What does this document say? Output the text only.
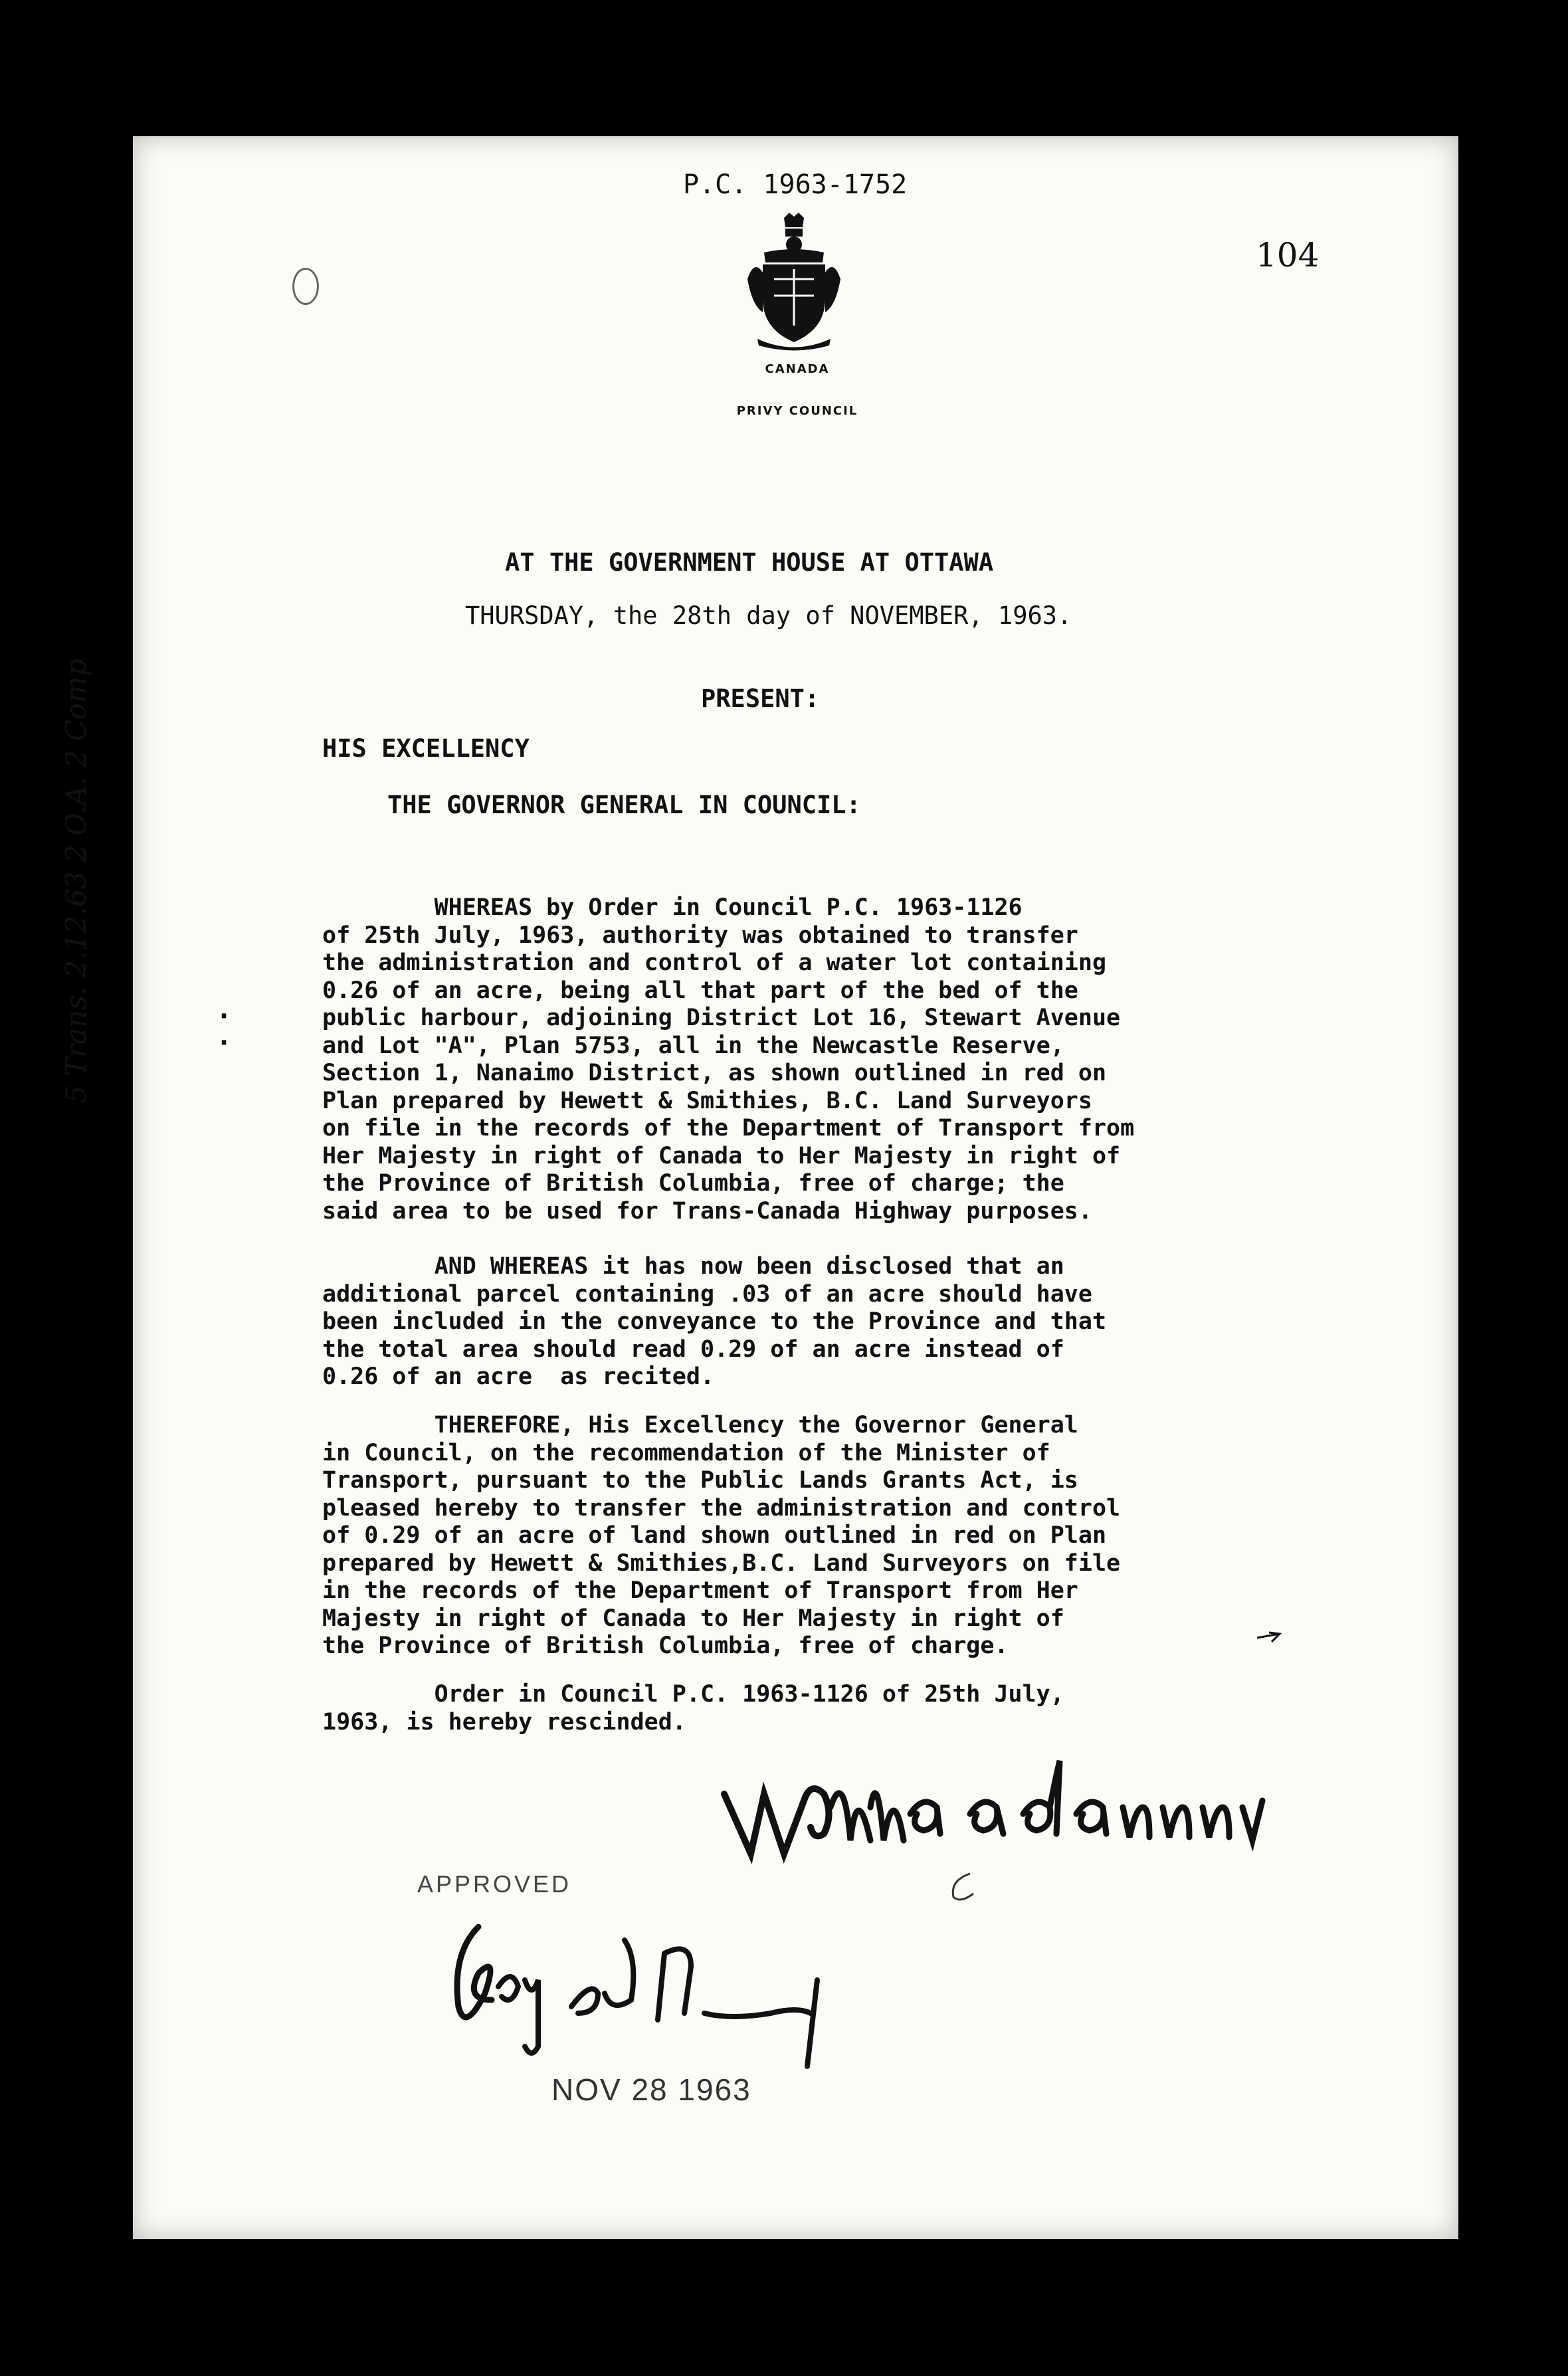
P.C. 1963-1752
104
CANADA
PRIVY COUNCIL
AT THE GOVERNMENT HOUSE AT OTTAWA
THURSDAY, the 28th day of NOVEMBER, 1963.
PRESENT:
HIS EXCELLENCY
THE GOVERNOR GENERAL IN COUNCIL:
WHEREAS by Order in Council P.C. 1963-1126
of 25th July, 1963, authority was obtained to transfer
the administration and control of a water lot containing
0.26 of an acre, being all that part of the bed of the
public harbour, adjoining District Lot 16, Stewart Avenue
and Lot "A", Plan 5753, all in the Newcastle Reserve,
Section 1, Nanaimo District, as shown outlined in red on
Plan prepared by Hewett & Smithies, B.C. Land Surveyors
on file in the records of the Department of Transport from
Her Majesty in right of Canada to Her Majesty in right of
the Province of British Columbia, free of charge; the
said area to be used for Trans-Canada Highway purposes.
AND WHEREAS it has now been disclosed that an
additional parcel containing .03 of an acre should have
been included in the conveyance to the Province and that
the total area should read 0.29 of an acre instead of
0.26 of an acre  as recited.
THEREFORE, His Excellency the Governor General
in Council, on the recommendation of the Minister of
Transport, pursuant to the Public Lands Grants Act, is
pleased hereby to transfer the administration and control
of 0.29 of an acre of land shown outlined in red on Plan
prepared by Hewett & Smithies,B.C. Land Surveyors on file
in the records of the Department of Transport from Her
Majesty in right of Canada to Her Majesty in right of
the Province of British Columbia, free of charge.
Order in Council P.C. 1963-1126 of 25th July,
1963, is hereby rescinded.
5 Trans. 2.12.63 2 O.A. 2 Comp	·
·
APPROVED
NOV 28 1963
